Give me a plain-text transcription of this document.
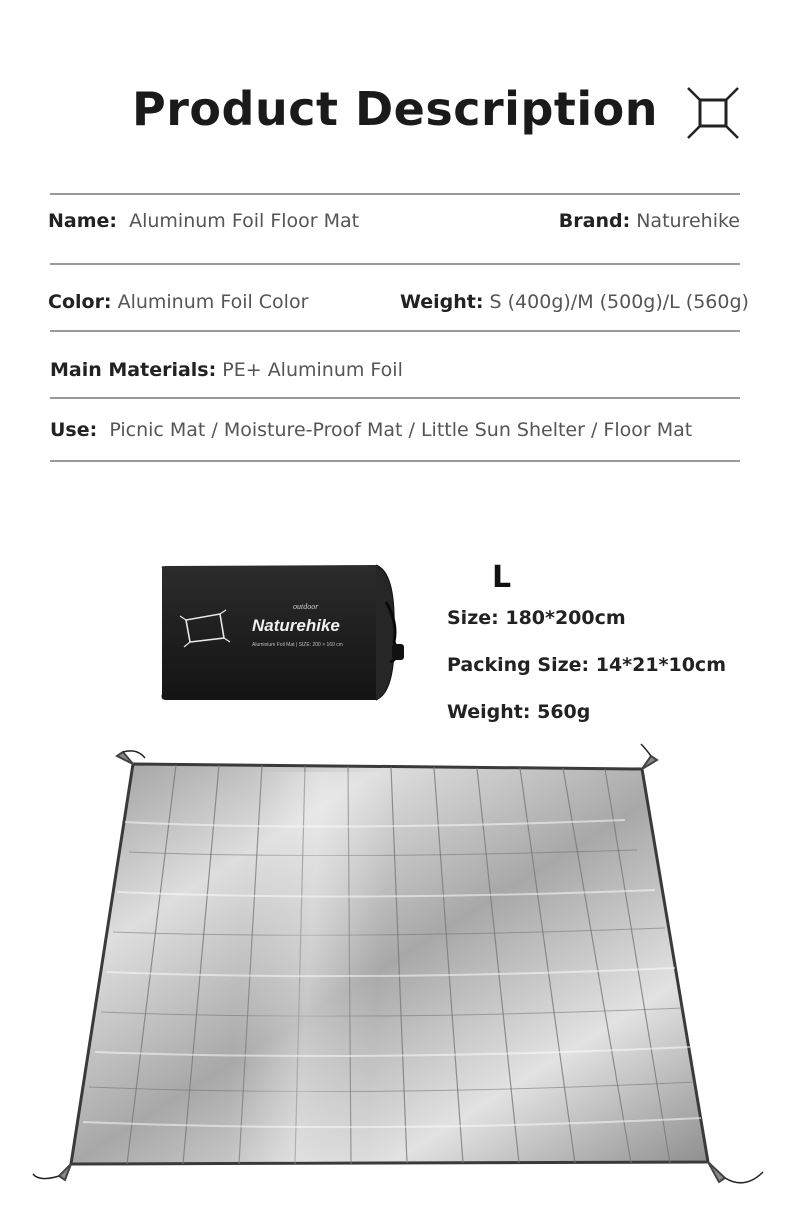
Product Description
Name: Aluminum Foil Floor Mat	Brand: Naturehike
Color: Aluminum Foil Color	Weight: S (400g)/M (500g)/L (560g)
Main Materials: PE+ Aluminum Foil
Use: Picnic Mat / Moisture-Proof Mat / Little Sun Shelter / Floor Mat
outdoor
Naturehike
Aluminium Foil Mat | SIZE: 200 × 160 cm
L
Size: 180*200cm
Packing Size: 14*21*10cm
Weight: 560g
